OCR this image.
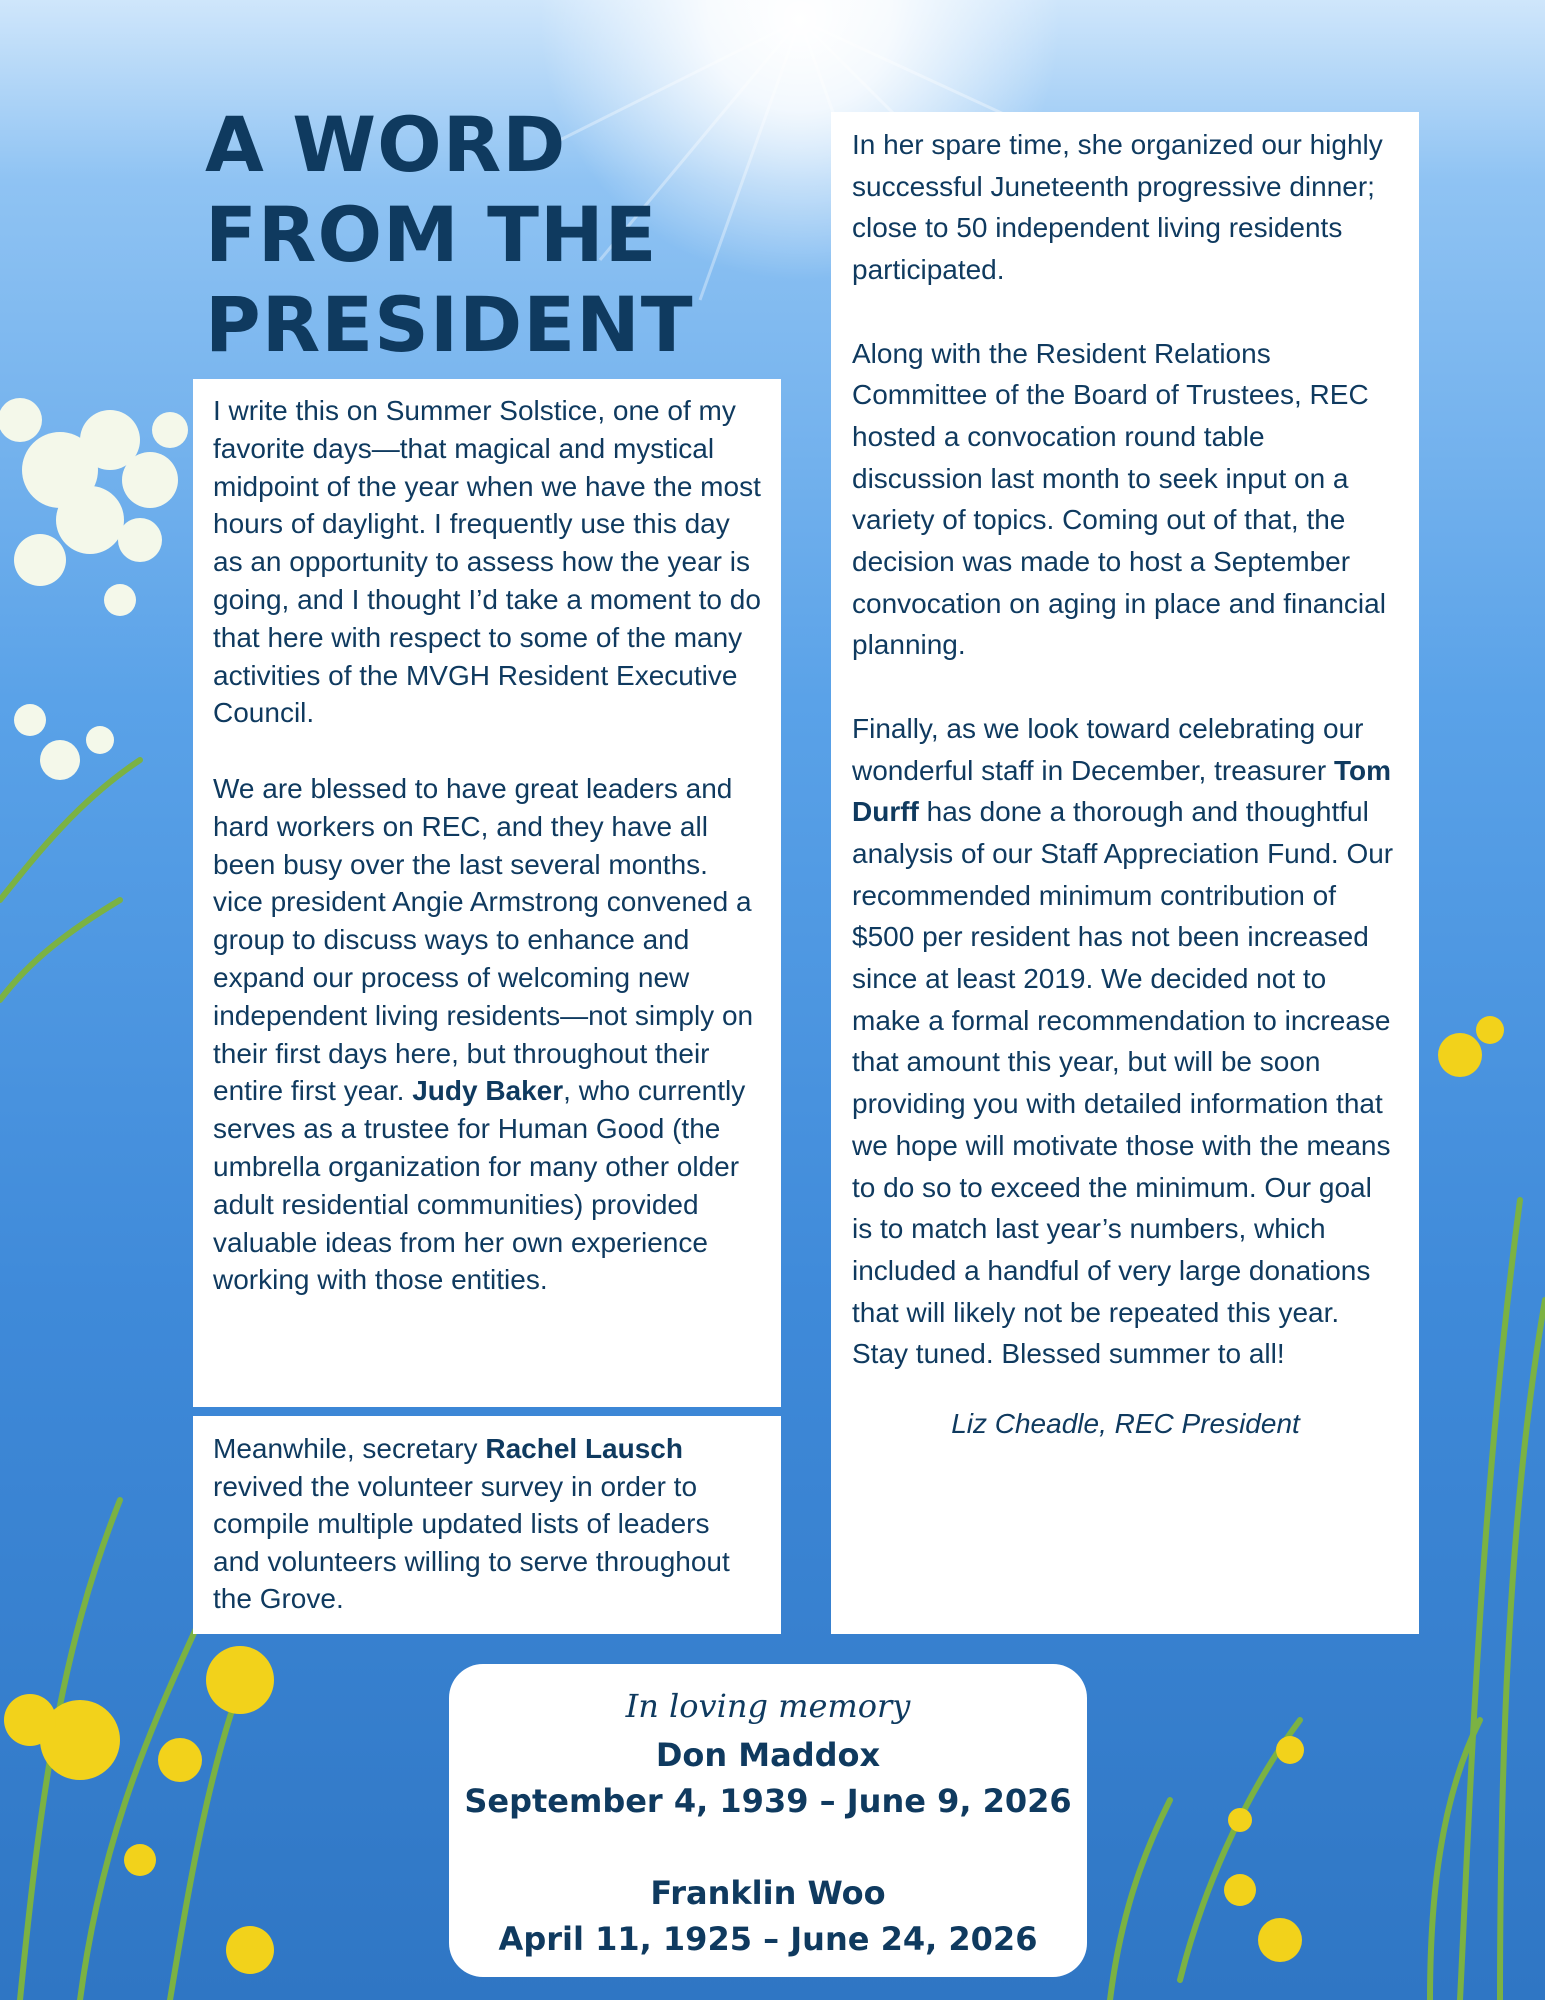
A WORD
FROM THE
PRESIDENT

I write this on Summer Solstice, one of my favorite days—that magical and mystical midpoint of the year when we have the most hours of daylight. I frequently use this day as an opportunity to assess how the year is going, and I thought I’d take a moment to do that here with respect to some of the many activities of the MVGH Resident Executive Council.

We are blessed to have great leaders and hard workers on REC, and they have all been busy over the last several months. vice president Angie Armstrong convened a group to discuss ways to enhance and expand our process of welcoming new independent living residents—not simply on their first days here, but throughout their entire first year. Judy Baker, who currently serves as a trustee for Human Good (the umbrella organization for many other older adult residential communities) provided valuable ideas from her own experience working with those entities.

Meanwhile, secretary Rachel Lausch revived the volunteer survey in order to compile multiple updated lists of leaders and volunteers willing to serve throughout the Grove.

In her spare time, she organized our highly successful Juneteenth progressive dinner; close to 50 independent living residents participated.

Along with the Resident Relations Committee of the Board of Trustees, REC hosted a convocation round table discussion last month to seek input on a variety of topics. Coming out of that, the decision was made to host a September convocation on aging in place and financial planning.

Finally, as we look toward celebrating our wonderful staff in December, treasurer Tom Durff has done a thorough and thoughtful analysis of our Staff Appreciation Fund. Our recommended minimum contribution of $500 per resident has not been increased since at least 2019. We decided not to make a formal recommendation to increase that amount this year, but will be soon providing you with detailed information that we hope will motivate those with the means to do so to exceed the minimum. Our goal is to match last year’s numbers, which included a handful of very large donations that will likely not be repeated this year. Stay tuned. Blessed summer to all!

Liz Cheadle, REC President

In loving memory
Don Maddox
September 4, 1939 – June 9, 2026
Franklin Woo
April 11, 1925 – June 24, 2026
